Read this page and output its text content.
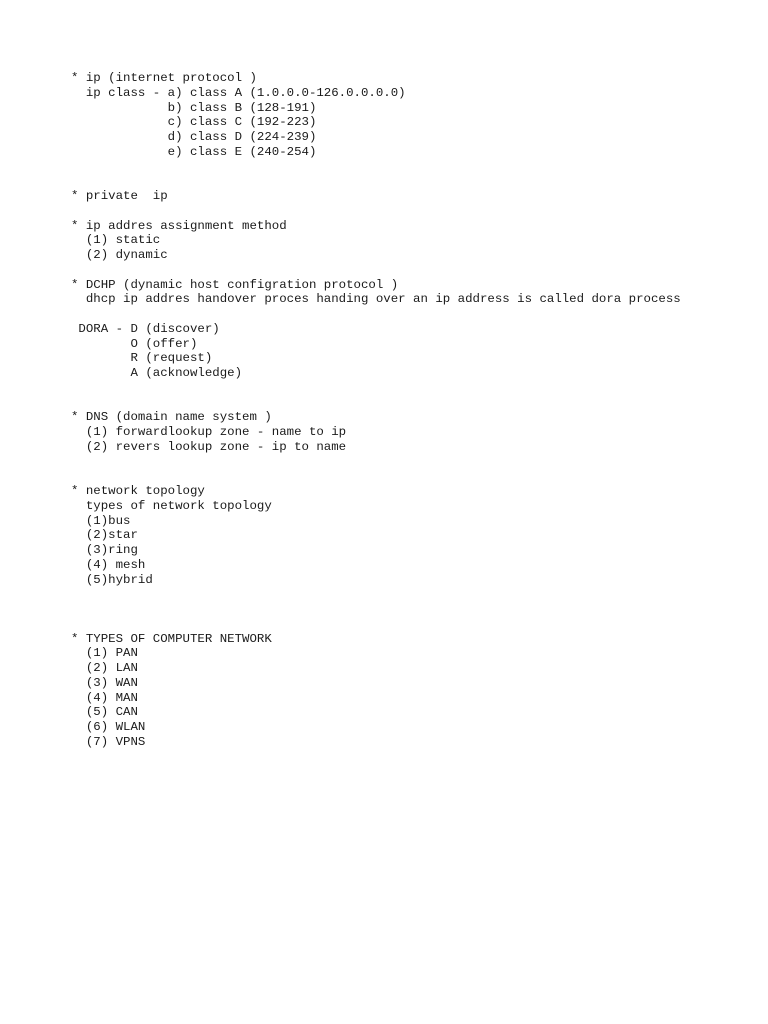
* ip (internet protocol )
ip class - a) class A (1.0.0.0-126.0.0.0.0)
b) class B (128-191)
c) class C (192-223)
d) class D (224-239)
e) class E (240-254)
* private  ip
* ip addres assignment method
(1) static
(2) dynamic
* DCHP (dynamic host configration protocol )
dhcp ip addres handover proces handing over an ip address is called dora process
DORA - D (discover)
O (offer)
R (request)
A (acknowledge)
* DNS (domain name system )
(1) forwardlookup zone - name to ip
(2) revers lookup zone - ip to name
* network topology
types of network topology
(1)bus
(2)star
(3)ring
(4) mesh
(5)hybrid
* TYPES OF COMPUTER NETWORK
(1) PAN
(2) LAN
(3) WAN
(4) MAN
(5) CAN
(6) WLAN
(7) VPNS
